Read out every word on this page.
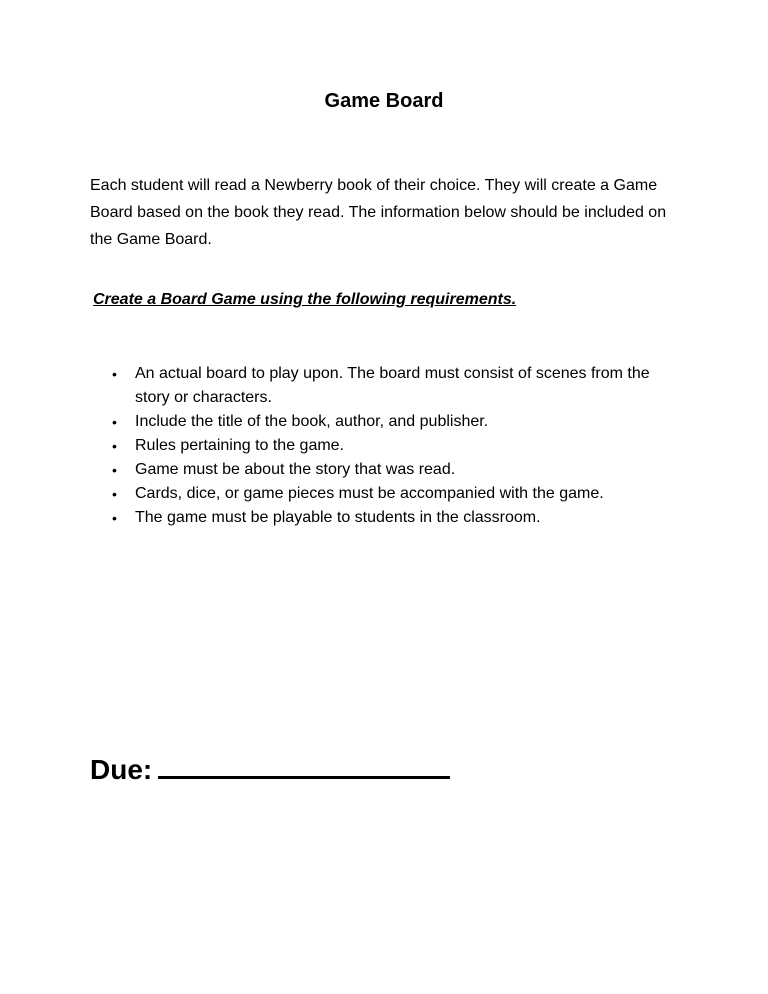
Game Board
Each student will read a Newberry book of their choice. They will create a Game Board based on the book they read. The information below should be included on the Game Board.
Create a Board Game using the following requirements.
• An actual board to play upon. The board must consist of scenes from the story or characters.
• Include the title of the book, author, and publisher.
• Rules pertaining to the game.
• Game must be about the story that was read.
• Cards, dice, or game pieces must be accompanied with the game.
• The game must be playable to students in the classroom.
Due:
